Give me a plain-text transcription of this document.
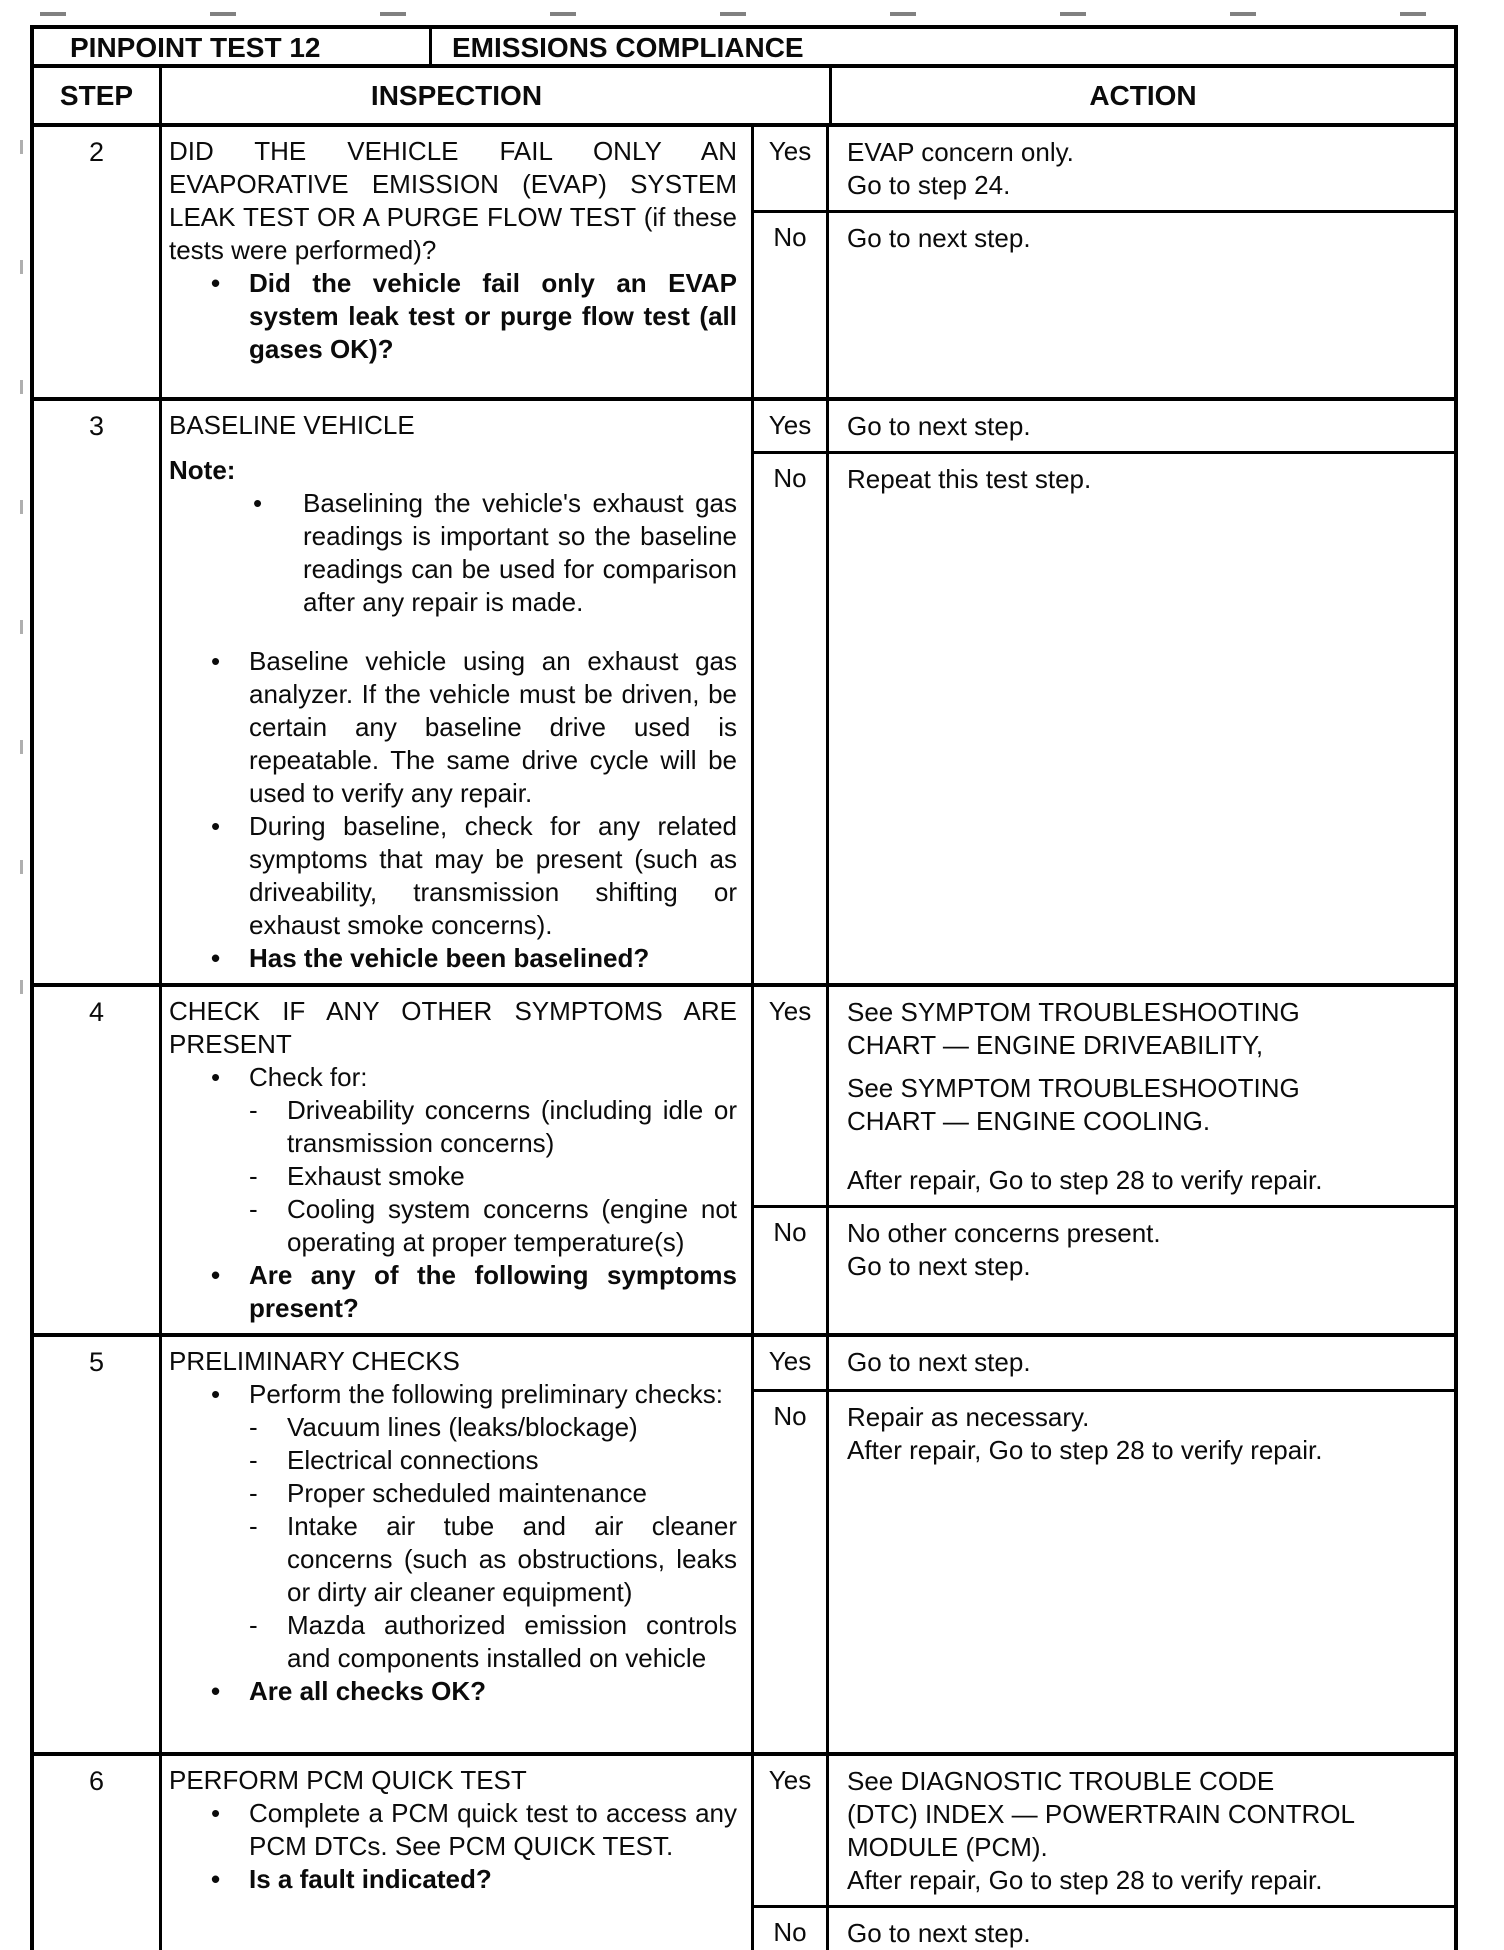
PINPOINT TEST 12	EMISSIONS COMPLIANCE
STEP	INSPECTION	ACTION
2	DID THE VEHICLE FAIL ONLY AN EVAPORATIVE EMISSION (EVAP) SYSTEM LEAK TEST OR A PURGE FLOW TEST (if these tests were performed)?

•	Did the vehicle fail only an EVAP system leak test or purge flow test (all gases OK)?
Yes	EVAP concern only.

Go to step 24.

No	Go to next step.

3	BASELINE VEHICLE

Note:

•	Baselining the vehicle's exhaust gas readings is important so the baseline readings can be used for comparison after any repair is made.
•	Baseline vehicle using an exhaust gas analyzer. If the vehicle must be driven, be certain any baseline drive used is repeatable. The same drive cycle will be used to verify any repair.
•	During baseline, check for any related symptoms that may be present (such as driveability, transmission shifting or exhaust smoke concerns).
•	Has the vehicle been baselined?
Yes	Go to next step.

No	Repeat this test step.

4	CHECK IF ANY OTHER SYMPTOMS ARE PRESENT

•	Check for:
-	Driveability concerns (including idle or transmission concerns)
-	Exhaust smoke
-	Cooling system concerns (engine not operating at proper temperature(s)
•	Are any of the following symptoms present?
Yes	See SYMPTOM TROUBLESHOOTING

CHART — ENGINE DRIVEABILITY,

See SYMPTOM TROUBLESHOOTING

CHART — ENGINE COOLING.

After repair, Go to step 28 to verify repair.

No	No other concerns present.

Go to next step.

5	PRELIMINARY CHECKS

•	Perform the following preliminary checks:
-	Vacuum lines (leaks/blockage)
-	Electrical connections
-	Proper scheduled maintenance
-	Intake air tube and air cleaner concerns (such as obstructions, leaks or dirty air cleaner equipment)
-	Mazda authorized emission controls and components installed on vehicle
•	Are all checks OK?
Yes	Go to next step.

No	Repair as necessary.

After repair, Go to step 28 to verify repair.

6	PERFORM PCM QUICK TEST

•	Complete a PCM quick test to access any PCM DTCs. See PCM QUICK TEST.
•	Is a fault indicated?
Yes	See DIAGNOSTIC TROUBLE CODE

(DTC) INDEX — POWERTRAIN CONTROL

MODULE (PCM).

After repair, Go to step 28 to verify repair.

No	Go to next step.
